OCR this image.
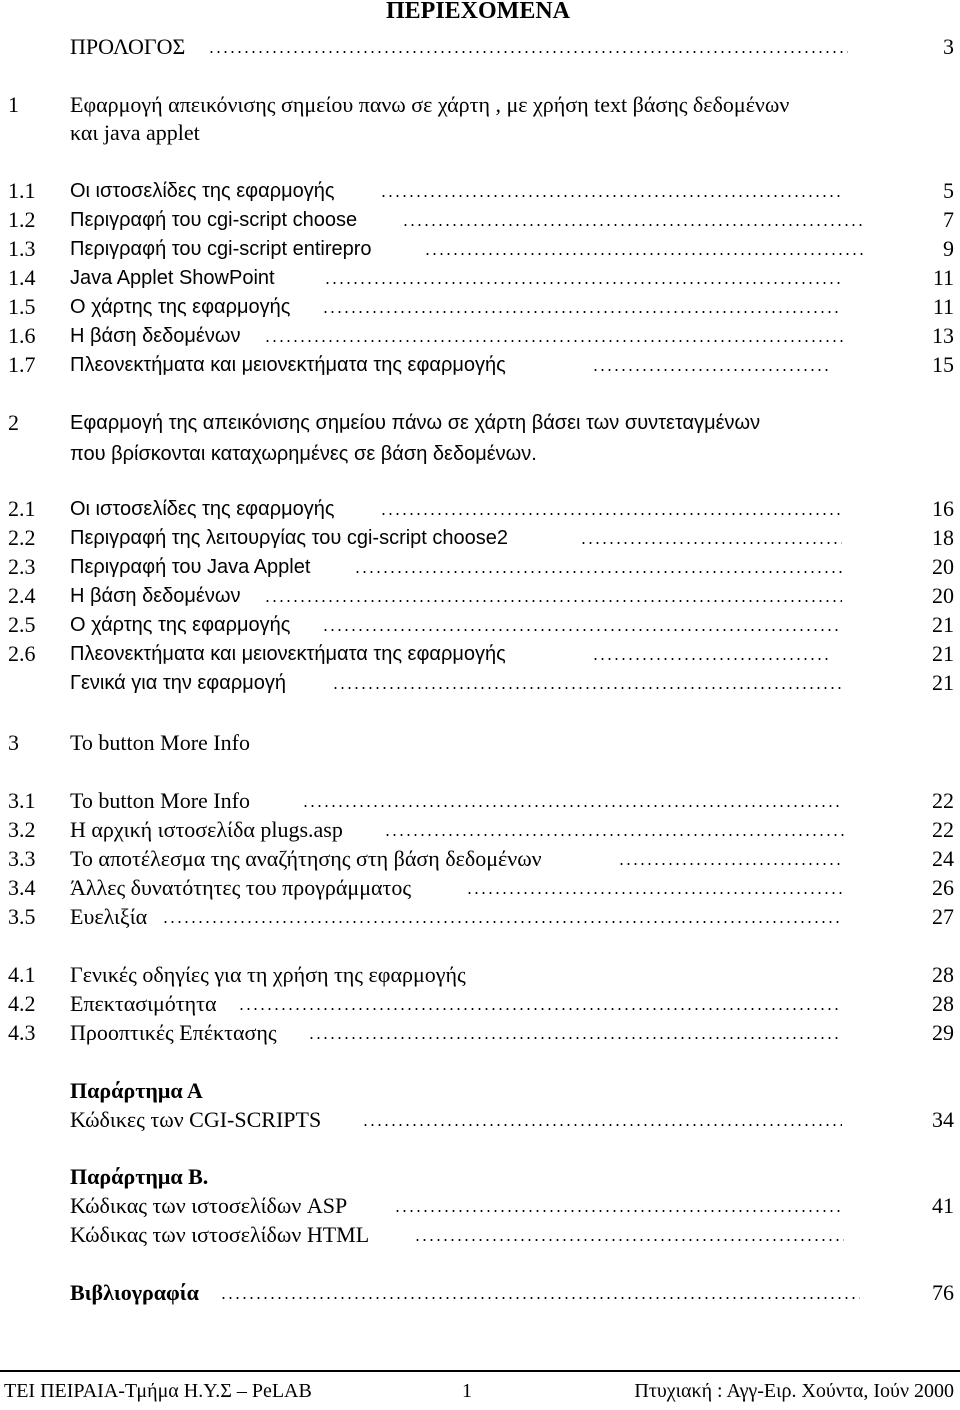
ΠΕΡΙΕΧΟΜΕΝΑ
ΠΡΟΛΟΓΟΣ	3
1	Εφαρμογή απεικόνισης σημείου πανω σε χάρτη , με χρήση text βάσης δεδομένων
και java applet
1.1	Οι ιστοσελίδες της εφαρμογής	5
1.2	Περιγραφή του cgi-script choose	7
1.3	Περιγραφή του cgi-script entirepro	9
1.4	Java Applet ShowPoint	11
1.5	Ο χάρτης της εφαρμογής	11
1.6	Η βάση δεδομένων	13
1.7	Πλεονεκτήματα και μειονεκτήματα της εφαρμογής	15
2	Εφαρμογή της απεικόνισης σημείου πάνω σε χάρτη βάσει των συντεταγμένων
που βρίσκονται καταχωρημένες σε βάση δεδομένων.
2.1	Οι ιστοσελίδες της εφαρμογής	16
2.2	Περιγραφή της λειτουργίας του cgi-script choose2	18
2.3	Περιγραφή του Java Applet	20
2.4	Η βάση δεδομένων	20
2.5	Ο χάρτης της εφαρμογής	21
2.6	Πλεονεκτήματα και μειονεκτήματα της εφαρμογής	21
Γενικά για την εφαρμογή	21
3	Το button More Info
3.1	Το button More Info	22
3.2	Η αρχική ιστοσελίδα plugs.asp	22
3.3	Το αποτέλεσμα της αναζήτησης στη βάση δεδομένων	24
3.4	Άλλες δυνατότητες του προγράμματος	26
3.5	Ευελιξία	27
4.1	Γενικές οδηγίες για τη χρήση της εφαρμογής	28
4.2	Επεκτασιμότητα	28
4.3	Προοπτικές Επέκτασης	29
Παράρτημα Α
Κώδικες των CGI-SCRIPTS	34
Παράρτημα Β.
Κώδικας των ιστοσελίδων ASP	41
Κώδικας των ιστοσελίδων HTML
Βιβλιογραφία	76
ΤΕΙ ΠΕΙΡΑΙΑ-Τμήμα Η.Υ.Σ – PeLAB	1	Πτυχιακή : Αγγ-Ειρ. Χούντα, Ιούν 2000
